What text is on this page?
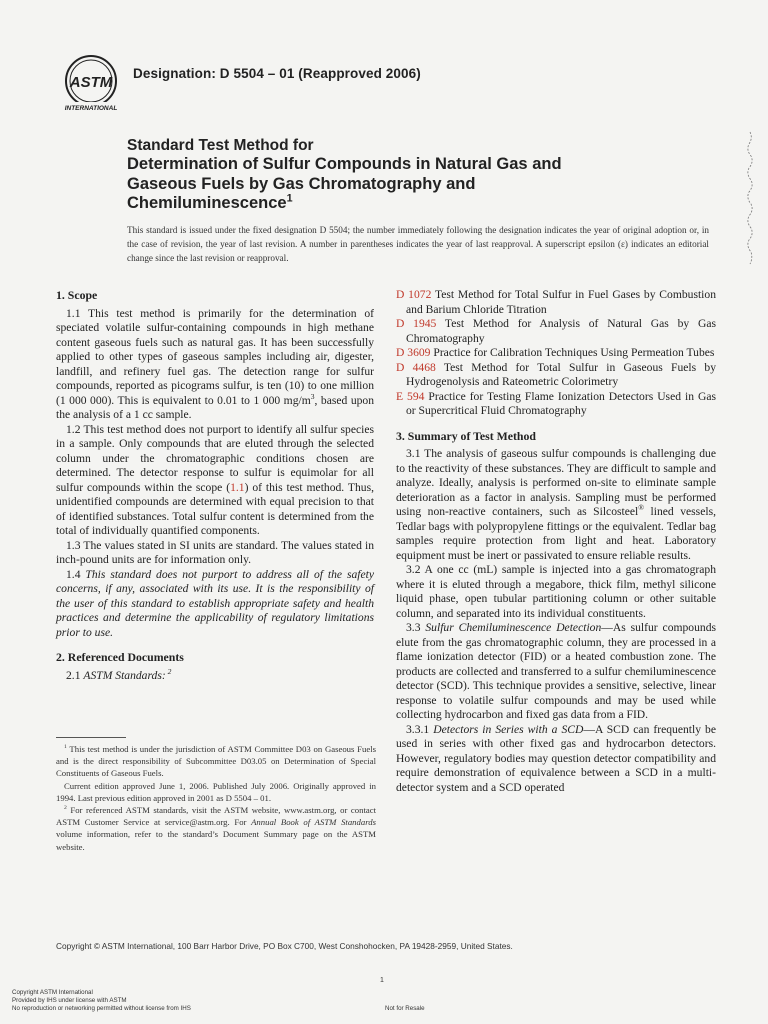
ASTM
INTERNATIONAL
Designation: D 5504 – 01 (Reapproved 2006)
Standard Test Method for
Determination of Sulfur Compounds in Natural Gas and
Gaseous Fuels by Gas Chromatography and
Chemiluminescence$^1$
This standard is issued under the fixed designation D 5504; the number immediately following the designation indicates the year of original adoption or, in the case of revision, the year of last revision. A number in parentheses indicates the year of last reapproval. A superscript epsilon (ε) indicates an editorial change since the last revision or reapproval.
1. Scope

1.1 This test method is primarily for the determination of speciated volatile sulfur-containing compounds in high methane content gaseous fuels such as natural gas. It has been successfully applied to other types of gaseous samples including air, digester, landfill, and refinery fuel gas. The detection range for sulfur compounds, reported as picograms sulfur, is ten (10) to one million (1 000 000). This is equivalent to 0.01 to 1 000 $mg/m^3$, based upon the analysis of a 1 cc sample.

1.2 This test method does not purport to identify all sulfur species in a sample. Only compounds that are eluted through the selected column under the chromatographic conditions chosen are determined. The detector response to sulfur is equimolar for all sulfur compounds within the scope (1.1) of this test method. Thus, unidentified compounds are determined with equal precision to that of identified substances. Total sulfur content is determined from the total of individually quantified components.

1.3 The values stated in SI units are standard. The values stated in inch-pound units are for information only.

1.4 This standard does not purport to address all of the safety concerns, if any, associated with its use. It is the responsibility of the user of this standard to establish appropriate safety and health practices and determine the applicability of regulatory limitations prior to use.

2. Referenced Documents

2.1 ASTM Standards: $^2$

D 1072 Test Method for Total Sulfur in Fuel Gases by Combustion and Barium Chloride Titration
D 1945 Test Method for Analysis of Natural Gas by Gas Chromatography
D 3609 Practice for Calibration Techniques Using Permeation Tubes
D 4468 Test Method for Total Sulfur in Gaseous Fuels by Hydrogenolysis and Rateometric Colorimetry
E 594 Practice for Testing Flame Ionization Detectors Used in Gas or Supercritical Fluid Chromatography
3. Summary of Test Method

3.1 The analysis of gaseous sulfur compounds is challenging due to the reactivity of these substances. They are difficult to sample and analyze. Ideally, analysis is performed on-site to eliminate sample deterioration as a factor in analysis. Sampling must be performed using non-reactive containers, such as Silcosteel® lined vessels, Tedlar bags with polypropylene fittings or the equivalent. Tedlar bag samples require protection from light and heat. Laboratory equipment must be inert or passivated to ensure reliable results.

3.2 A one cc (mL) sample is injected into a gas chromatograph where it is eluted through a megabore, thick film, methyl silicone liquid phase, open tubular partitioning column or other suitable column, and separated into its individual constituents.

3.3 Sulfur Chemiluminescence Detection—As sulfur compounds elute from the gas chromatographic column, they are processed in a flame ionization detector (FID) or a heated combustion zone. The products are collected and transferred to a sulfur chemiluminescence detector (SCD). This technique provides a sensitive, selective, linear response to volatile sulfur compounds and may be used while collecting hydrocarbon and fixed gas data from a FID.

3.3.1 Detectors in Series with a SCD—A SCD can frequently be used in series with other fixed gas and hydrocarbon detectors. However, regulatory bodies may question detector compatibility and require demonstration of equivalence between a SCD in a multi-detector system and a SCD operated

$^1$ This test method is under the jurisdiction of ASTM Committee D03 on Gaseous Fuels and is the direct responsibility of Subcommittee D03.05 on Determination of Special Constituents of Gaseous Fuels.

Current edition approved June 1, 2006. Published July 2006. Originally approved in 1994. Last previous edition approved in 2001 as D 5504 – 01.

$^2$ For referenced ASTM standards, visit the ASTM website, www.astm.org, or contact ASTM Customer Service at service@astm.org. For Annual Book of ASTM Standards volume information, refer to the standard’s Document Summary page on the ASTM website.

Copyright © ASTM International, 100 Barr Harbor Drive, PO Box C700, West Conshohocken, PA 19428-2959, United States.
1
Copyright ASTM International
Provided by IHS under license with ASTM
No reproduction or networking permitted without license from IHS	Not for Resale
